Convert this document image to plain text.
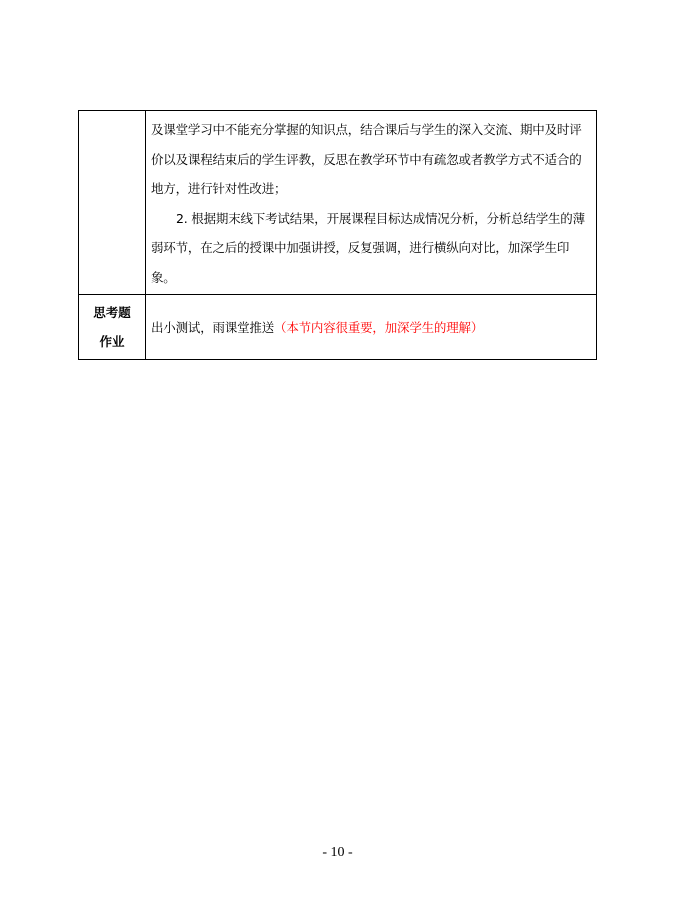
	及课堂学习中不能充分掌握的知识点，结合课后与学生的深入交流、期中及时评价以及课程结束后的学生评教，反思在教学环节中有疏忽或者教学方式不适合的地方，进行针对性改进；

2. 根据期末线下考试结果，开展课程目标达成情况分析，分析总结学生的薄弱环节，在之后的授课中加强讲授，反复强调，进行横纵向对比，加深学生印象。

思考题
作业	出小测试，雨课堂推送（本节内容很重要，加深学生的理解）
- 10 -
